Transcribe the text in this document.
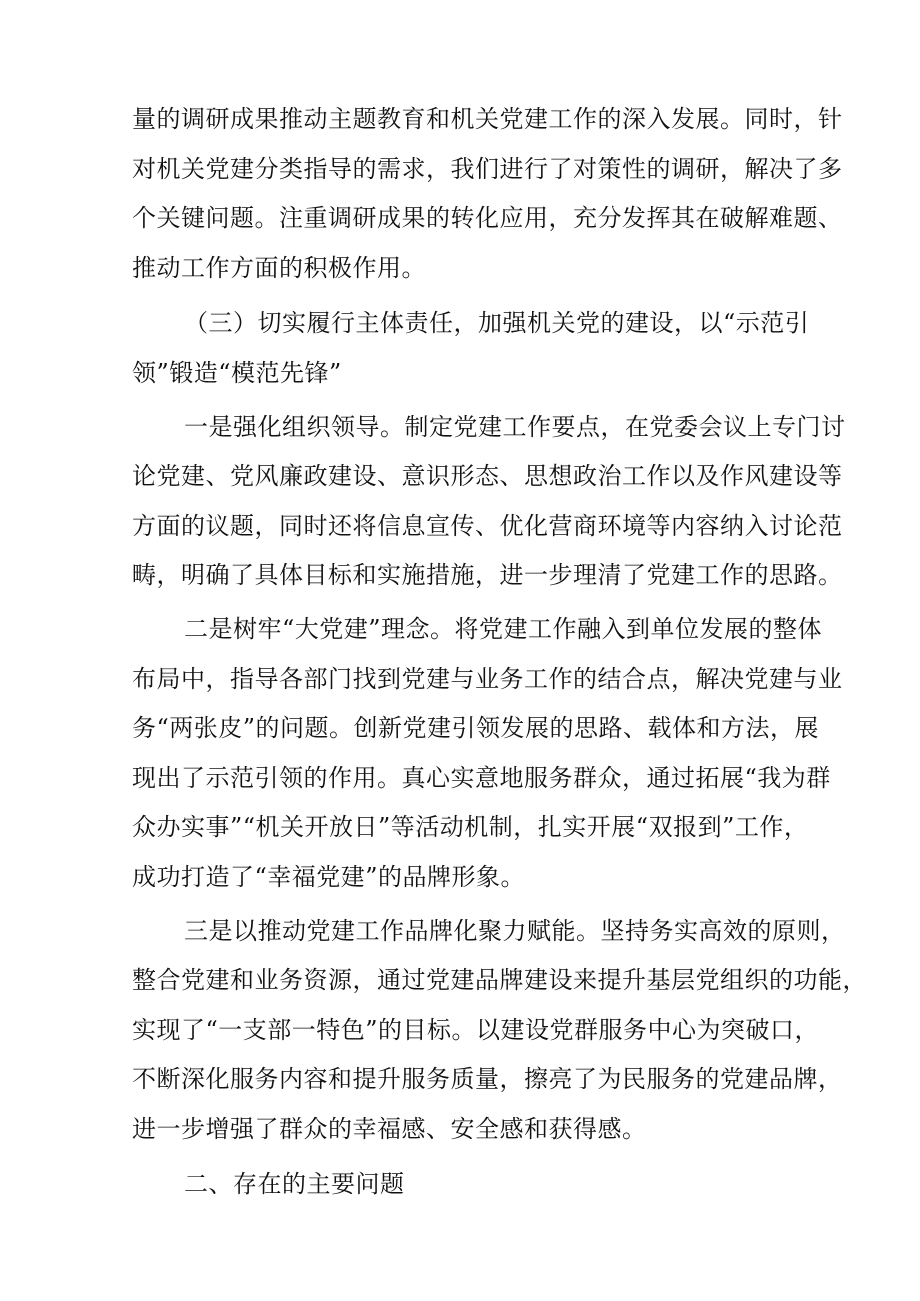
量的调研成果推动主题教育和机关党建工作的深入发展。同时，针
对机关党建分类指导的需求，我们进行了对策性的调研，解决了多
个关键问题。注重调研成果的转化应用，充分发挥其在破解难题、
推动工作方面的积极作用。

（三）切实履行主体责任，加强机关党的建设，以“示范引
领”锻造“模范先锋”

一是强化组织领导。制定党建工作要点，在党委会议上专门讨
论党建、党风廉政建设、意识形态、思想政治工作以及作风建设等
方面的议题，同时还将信息宣传、优化营商环境等内容纳入讨论范
畴，明确了具体目标和实施措施，进一步理清了党建工作的思路。

二是树牢“大党建”理念。将党建工作融入到单位发展的整体
布局中，指导各部门找到党建与业务工作的结合点，解决党建与业
务“两张皮”的问题。创新党建引领发展的思路、载体和方法，展
现出了示范引领的作用。真心实意地服务群众，通过拓展“我为群
众办实事”“机关开放日”等活动机制，扎实开展“双报到”工作，
成功打造了“幸福党建”的品牌形象。

三是以推动党建工作品牌化聚力赋能。坚持务实高效的原则，
整合党建和业务资源，通过党建品牌建设来提升基层党组织的功能，
实现了“一支部一特色”的目标。以建设党群服务中心为突破口，
不断深化服务内容和提升服务质量，擦亮了为民服务的党建品牌，
进一步增强了群众的幸福感、安全感和获得感。

二、存在的主要问题
